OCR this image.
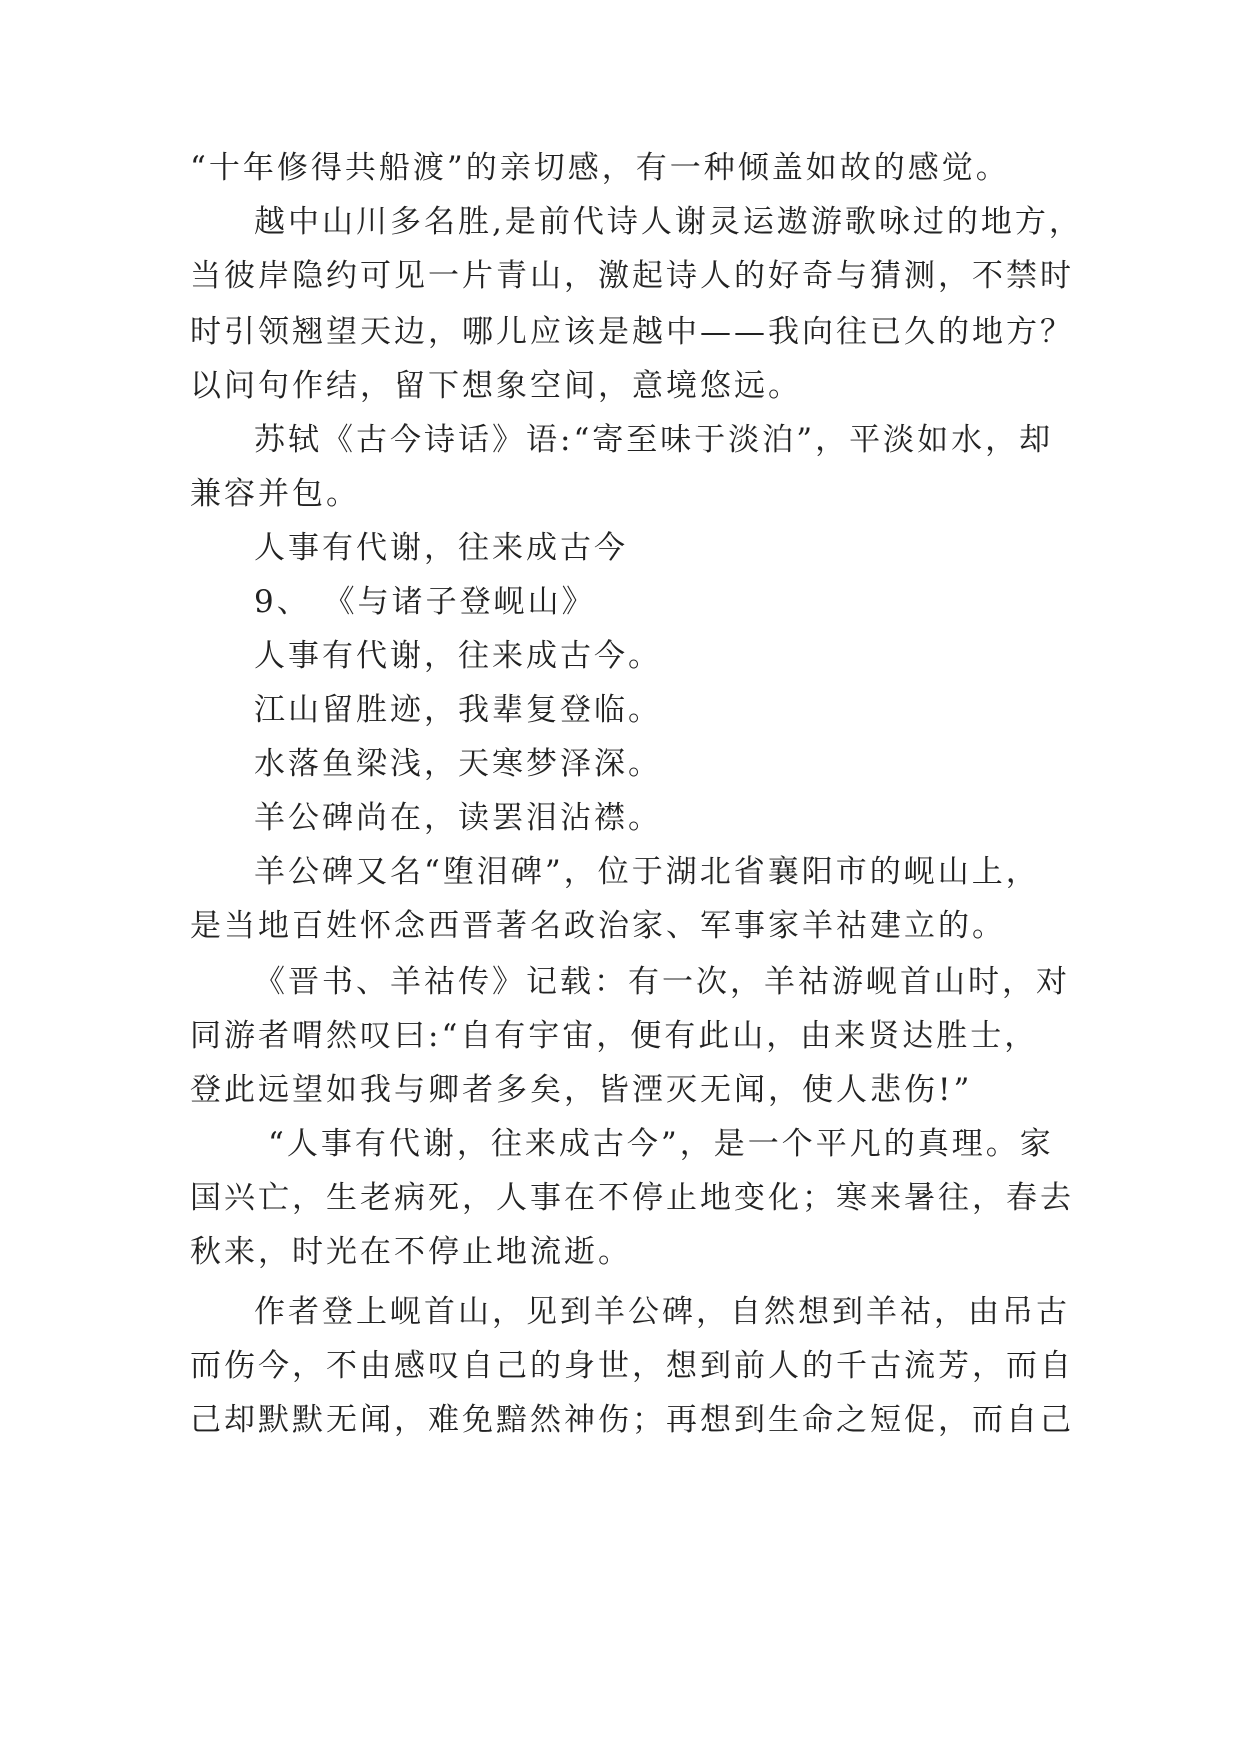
“十年修得共船渡”的亲切感，有一种倾盖如故的感觉。
越中山川多名胜,是前代诗人谢灵运遨游歌咏过的地方，
当彼岸隐约可见一片青山，激起诗人的好奇与猜测，不禁时
时引领翘望天边，哪儿应该是越中——我向往已久的地方？
以问句作结，留下想象空间，意境悠远。
苏轼《古今诗话》语:“寄至味于淡泊”，平淡如水，却
兼容并包。
人事有代谢，往来成古今
9、 《与诸子登岘山》
人事有代谢，往来成古今。
江山留胜迹，我辈复登临。
水落鱼梁浅，天寒梦泽深。
羊公碑尚在，读罢泪沾襟。
羊公碑又名“堕泪碑”，位于湖北省襄阳市的岘山上，
是当地百姓怀念西晋著名政治家、军事家羊祜建立的。
《晋书、羊祜传》记载：有一次，羊祜游岘首山时，对
同游者喟然叹曰:“自有宇宙，便有此山，由来贤达胜士，
登此远望如我与卿者多矣，皆湮灭无闻，使人悲伤!”
“人事有代谢，往来成古今”，是一个平凡的真理。家
国兴亡，生老病死，人事在不停止地变化；寒来暑往，春去
秋来，时光在不停止地流逝。
作者登上岘首山，见到羊公碑，自然想到羊祜，由吊古
而伤今，不由感叹自己的身世，想到前人的千古流芳，而自
己却默默无闻，难免黯然神伤；再想到生命之短促，而自己
